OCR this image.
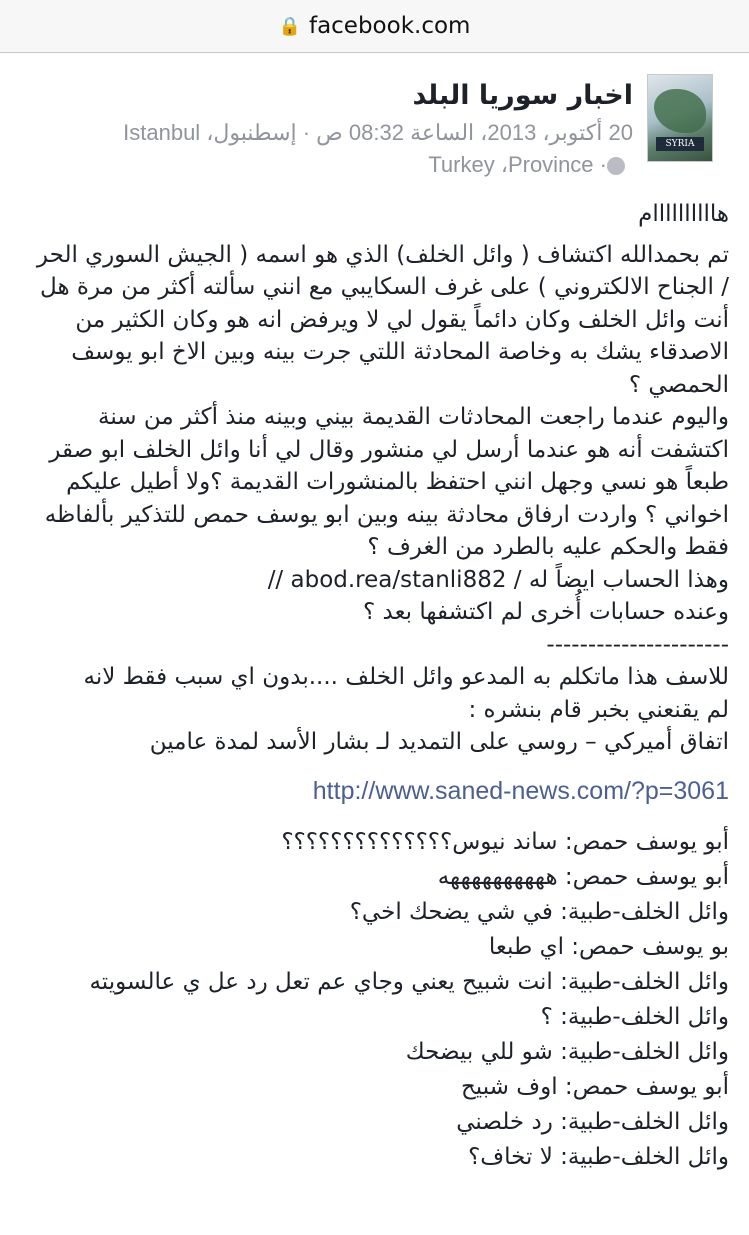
🔒 facebook.com
SYRIA
اخبار سوريا البلد
20 أكتوبر، 2013، الساعة 08:32 ص · إسطنبول، Istanbul
· Turkey ،Province

هاااااااااام

تم بحمدالله اكتشاف ( وائل الخلف) الذي هو اسمه ( الجيش السوري الحر

/ الجناح الالكتروني ) على غرف السكايبي مع انني سألته أكثر من مرة هل

أنت وائل الخلف وكان دائماً يقول لي لا ويرفض انه هو وكان الكثير من

الاصدقاء يشك به وخاصة المحادثة اللتي جرت بينه وبين الاخ ابو يوسف

الحمصي ؟

واليوم عندما راجعت المحادثات القديمة بيني وبينه منذ أكثر من سنة

اكتشفت أنه هو عندما أرسل لي منشور وقال لي أنا وائل الخلف ابو صقر

طبعاً هو نسي وجهل انني احتفظ بالمنشورات القديمة ؟ولا أطيل عليكم

اخواني ؟ واردت ارفاق محادثة بينه وبين ابو يوسف حمص للتذكير بألفاظه

فقط والحكم عليه بالطرد من الغرف ؟

وهذا الحساب ايضاً له / abod.rea/stanli882 //

وعنده حسابات أُخرى لم اكتشفها بعد ؟

----------------------

للاسف هذا ماتكلم به المدعو وائل الخلف ....بدون اي سبب فقط لانه

لم يقنعني بخبر قام بنشره :

اتفاق أميركي – روسي على التمديد لـ بشار الأسد لمدة عامين

http://www.saned-news.com/?p=3061

أبو يوسف حمص: ساند نيوس؟؟؟؟؟؟؟؟؟؟؟؟؟؟

أبو يوسف حمص: ههههههههههه

وائل الخلف-طبية: في شي يضحك اخي؟

بو يوسف حمص: اي طبعا

وائل الخلف-طبية: انت شبيح يعني وجاي عم تعل رد عل ي عالسويته

وائل الخلف-طبية: ؟

وائل الخلف-طبية: شو للي بيضحك

أبو يوسف حمص: اوف شبيح

وائل الخلف-طبية: رد خلصني

وائل الخلف-طبية: لا تخاف؟
